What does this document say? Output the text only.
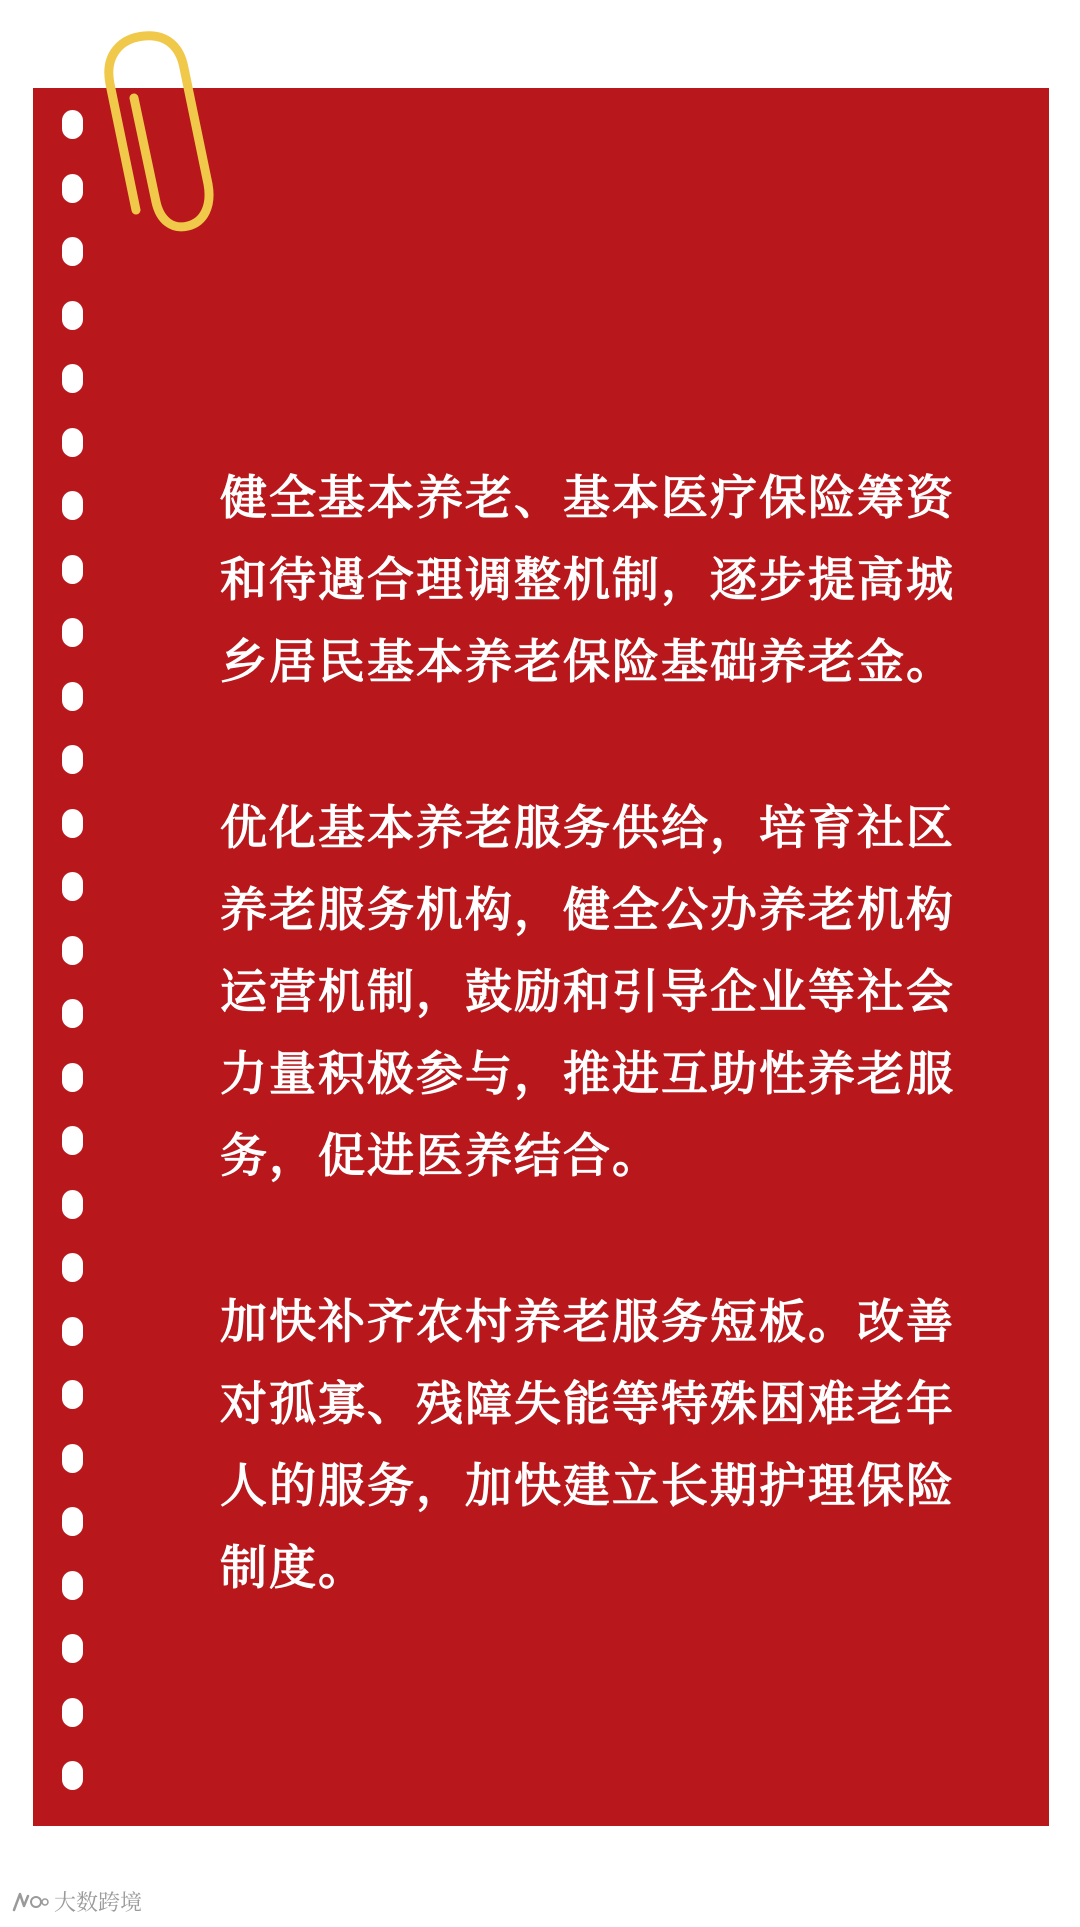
健全基本养老、基本医疗保险筹资
和待遇合理调整机制，逐步提高城
乡居民基本养老保险基础养老金。

优化基本养老服务供给，培育社区
养老服务机构，健全公办养老机构
运营机制，鼓励和引导企业等社会
力量积极参与，推进互助性养老服
务，促进医养结合。

加快补齐农村养老服务短板。改善
对孤寡、残障失能等特殊困难老年
人的服务，加快建立长期护理保险
制度。

農民日報 客户端
大数跨境
